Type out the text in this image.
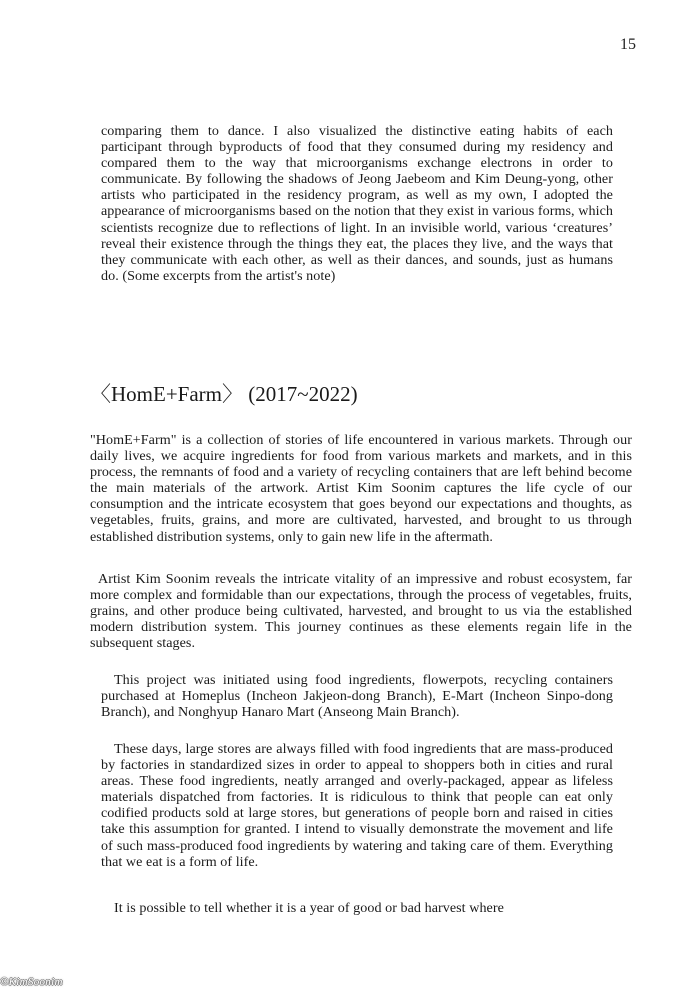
15

comparing them to dance. I also visualized the distinctive eating habits of each participant through byproducts of food that they consumed during my residency and compared them to the way that microorganisms exchange electrons in order to communicate. By following the shadows of Jeong Jaebeom and Kim Deung-yong, other artists who participated in the residency program, as well as my own, I adopted the appearance of microorganisms based on the notion that they exist in various forms, which scientists recognize due to reflections of light. In an invisible world, various ‘creatures’ reveal their existence through the things they eat, the places they live, and the ways that they communicate with each other, as well as their dances, and sounds, just as humans do. (Some excerpts from the artist's note)

〈HomE+Farm〉 (2017~2022)

"HomE+Farm" is a collection of stories of life encountered in various markets. Through our daily lives, we acquire ingredients for food from various markets and markets, and in this process, the remnants of food and a variety of recycling containers that are left behind become the main materials of the artwork. Artist Kim Soonim captures the life cycle of our consumption and the intricate ecosystem that goes beyond our expectations and thoughts, as vegetables, fruits, grains, and more are cultivated, harvested, and brought to us through established distribution systems, only to gain new life in the aftermath.

Artist Kim Soonim reveals the intricate vitality of an impressive and robust ecosystem, far more complex and formidable than our expectations, through the process of vegetables, fruits, grains, and other produce being cultivated, harvested, and brought to us via the established modern distribution system. This journey continues as these elements regain life in the subsequent stages.

This project was initiated using food ingredients, flowerpots, recycling containers purchased at Homeplus (Incheon Jakjeon-dong Branch), E-Mart (Incheon Sinpo-dong Branch), and Nonghyup Hanaro Mart (Anseong Main Branch).

These days, large stores are always filled with food ingredients that are mass-produced by factories in standardized sizes in order to appeal to shoppers both in cities and rural areas. These food ingredients, neatly arranged and overly-packaged, appear as lifeless materials dispatched from factories. It is ridiculous to think that people can eat only codified products sold at large stores, but generations of people born and raised in cities take this assumption for granted. I intend to visually demonstrate the movement and life of such mass-produced food ingredients by watering and taking care of them. Everything that we eat is a form of life.

It is possible to tell whether it is a year of good or bad harvest where

©KimSoonim
